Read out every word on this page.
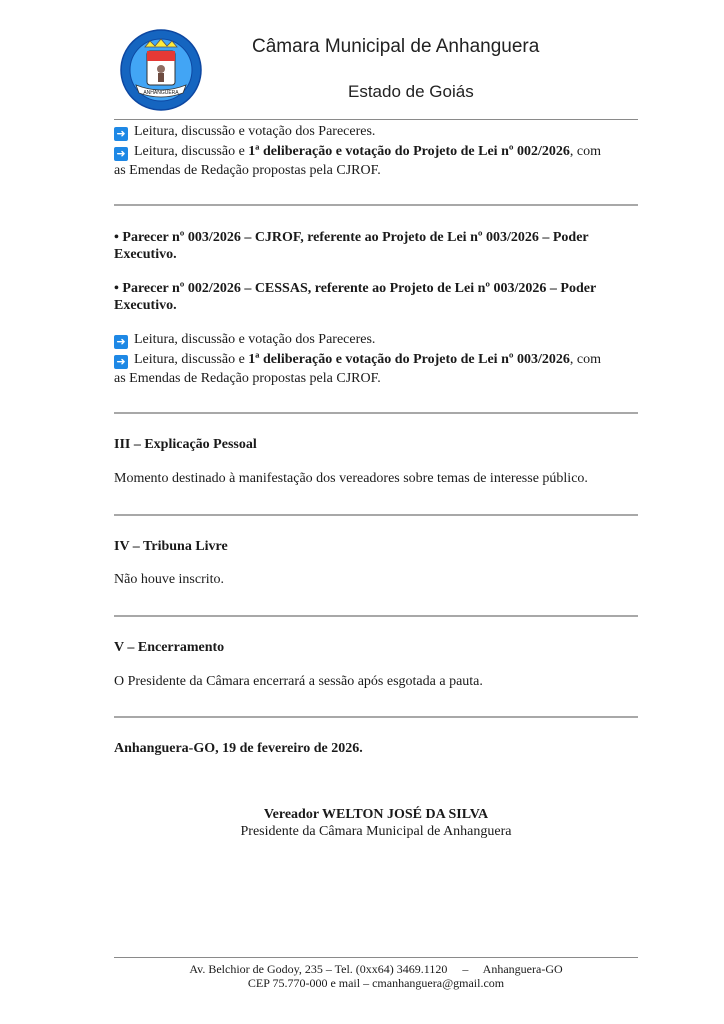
ANHANGUERA
Câmara Municipal de Anhanguera
Estado de Goiás
➜ Leitura, discussão e votação dos Pareceres.
➜ Leitura, discussão e 1ª deliberação e votação do Projeto de Lei nº 002/2026, com
as Emendas de Redação propostas pela CJROF.
• Parecer nº 003/2026 – CJROF, referente ao Projeto de Lei nº 003/2026 – Poder
Executivo.
• Parecer nº 002/2026 – CESSAS, referente ao Projeto de Lei nº 003/2026 – Poder
Executivo.
➜ Leitura, discussão e votação dos Pareceres.
➜ Leitura, discussão e 1ª deliberação e votação do Projeto de Lei nº 003/2026, com
as Emendas de Redação propostas pela CJROF.
III – Explicação Pessoal
Momento destinado à manifestação dos vereadores sobre temas de interesse público.
IV – Tribuna Livre
Não houve inscrito.
V – Encerramento
O Presidente da Câmara encerrará a sessão após esgotada a pauta.
Anhanguera-GO, 19 de fevereiro de 2026.
Vereador WELTON JOSÉ DA SILVA
Presidente da Câmara Municipal de Anhanguera
Av. Belchior de Godoy, 235 – Tel. (0xx64) 3469.1120     –     Anhanguera-GO
CEP 75.770-000 e mail – cmanhanguera@gmail.com
